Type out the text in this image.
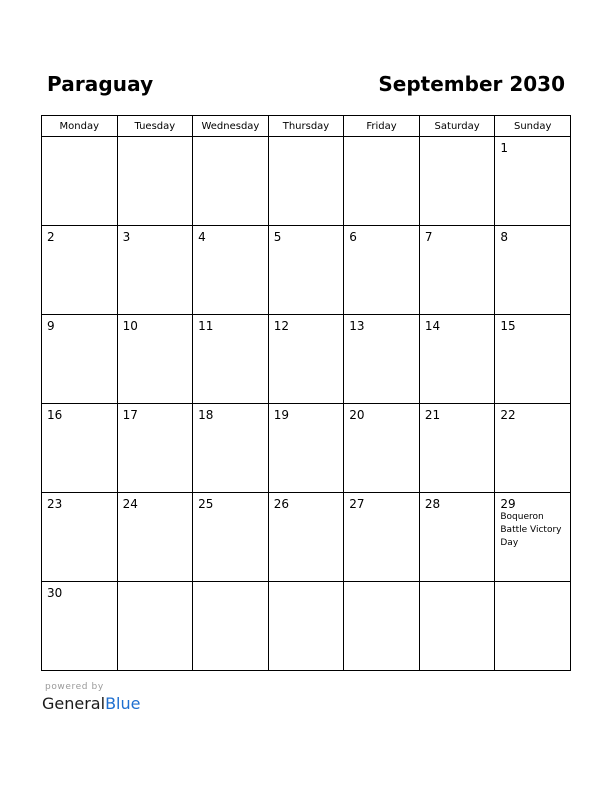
Paraguay	September 2030
Monday	Tuesday	Wednesday	Thursday	Friday	Saturday	Sunday

						1

2	3	4	5	6	7	8

9	10	11	12	13	14	15

16	17	18	19	20	21	22

23	24	25	26	27	28	29
Boqueron Battle Victory Day

30						

powered by
GeneralBlue
